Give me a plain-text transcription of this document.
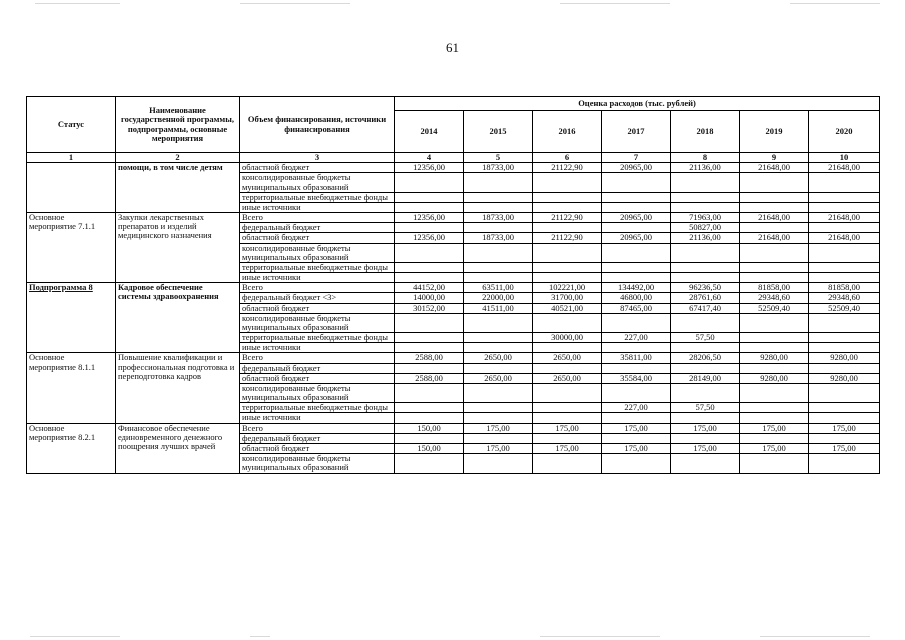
61
Статус	Наименование государственной программы, подпрограммы, основные мероприятия	Объем финансирования, источники финансирования	Оценка расходов (тыс. рублей)						
			2014	2015	2016	2017	2018	2019	2020
1	2	3	4	5	6	7	8	9	10
	помощи, в том числе детям	областной бюджет	12356,00	18733,00	21122,90	20965,00	21136,00	21648,00	21648,00
		консолидированные бюджеты муниципальных образований							
		территориальные внебюджетные фонды							
		иные источники							
Основное мероприятие 7.1.1	Закупки лекарственных препаратов и изделий медицинского назначения	Всего	12356,00	18733,00	21122,90	20965,00	71963,00	21648,00	21648,00
		федеральный бюджет					50827,00		
		областной бюджет	12356,00	18733,00	21122,90	20965,00	21136,00	21648,00	21648,00
		консолидированные бюджеты муниципальных образований							
		территориальные внебюджетные фонды							
		иные источники							
Подпрограмма 8	Кадровое обеспечение системы здравоохранения	Всего	44152,00	63511,00	102221,00	134492,00	96236,50	81858,00	81858,00
		федеральный бюджет <3>	14000,00	22000,00	31700,00	46800,00	28761,60	29348,60	29348,60
		областной бюджет	30152,00	41511,00	40521,00	87465,00	67417,40	52509,40	52509,40
		консолидированные бюджеты муниципальных образований							
		территориальные внебюджетные фонды			30000,00	227,00	57,50		
		иные источники							
Основное мероприятие 8.1.1	Повышение квалификации и профессиональная подготовка и переподготовка кадров	Всего	2588,00	2650,00	2650,00	35811,00	28206,50	9280,00	9280,00
		федеральный бюджет							
		областной бюджет	2588,00	2650,00	2650,00	35584,00	28149,00	9280,00	9280,00
		консолидированные бюджеты муниципальных образований							
		территориальные внебюджетные фонды				227,00	57,50		
		иные источники							
Основное мероприятие 8.2.1	Финансовое обеспечение единовременного денежного поощрения лучших врачей	Всего	150,00	175,00	175,00	175,00	175,00	175,00	175,00
		федеральный бюджет							
		областной бюджет	150,00	175,00	175,00	175,00	175,00	175,00	175,00
		консолидированные бюджеты муниципальных образований							
